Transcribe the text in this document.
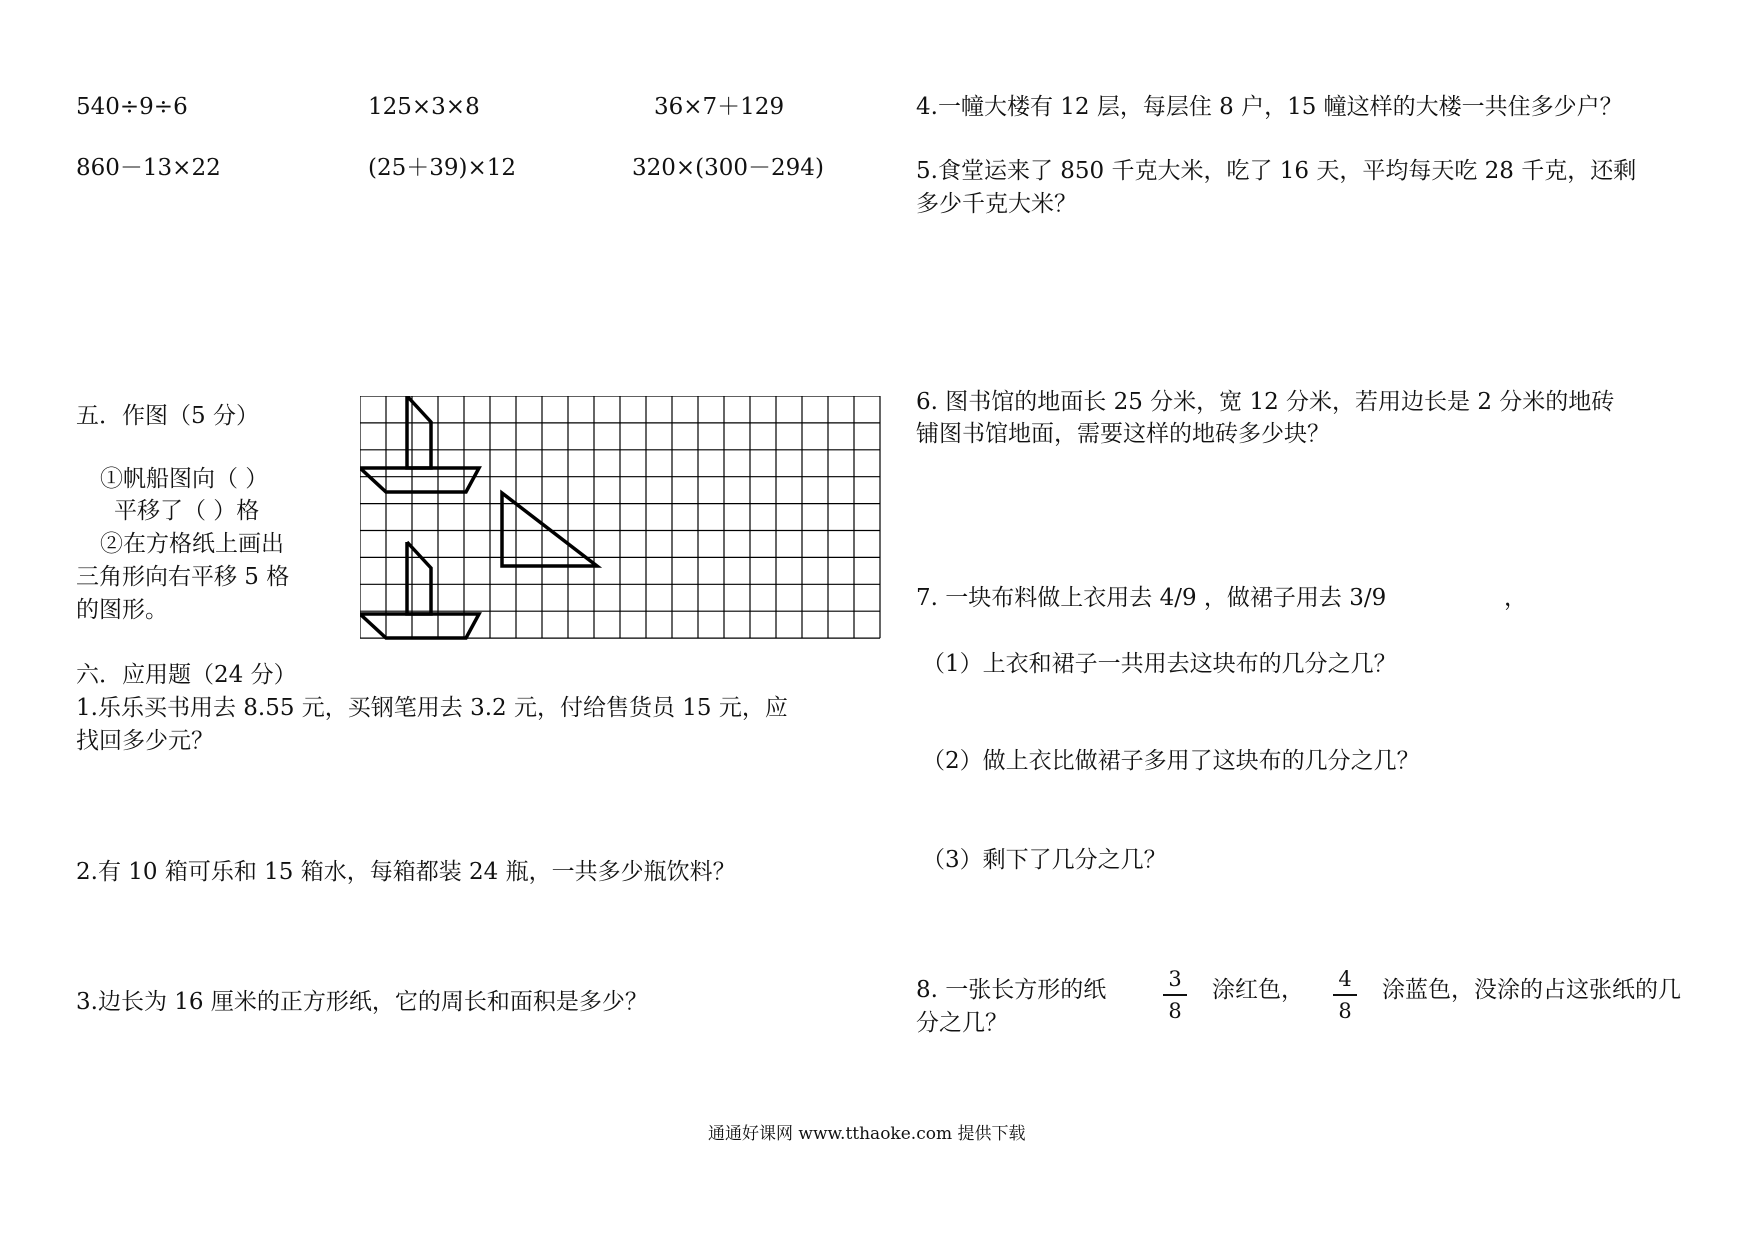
540÷9÷6	125×3×8	36×7＋129
860－13×22	(25＋39)×12	320×(300－294)
五．作图（5 分）
①帆船图向（ ）
平移了（ ）格
②在方格纸上画出
三角形向右平移 5 格
的图形。
六．应用题（24 分）
1.乐乐买书用去 8.55 元，买钢笔用去 3.2 元，付给售货员 15 元，应
找回多少元？
2.有 10 箱可乐和 15 箱水，每箱都装 24 瓶，一共多少瓶饮料？
3.边长为 16 厘米的正方形纸，它的周长和面积是多少？
4.一幢大楼有 12 层，每层住 8 户，15 幢这样的大楼一共住多少户？
5.食堂运来了 850 千克大米，吃了 16 天，平均每天吃 28 千克，还剩
多少千克大米？
6. 图书馆的地面长 25 分米，宽 12 分米，若用边长是 2 分米的地砖
铺图书馆地面，需要这样的地砖多少块？
7. 一块布料做上衣用去 4/9 ，做裙子用去 3/9	，
（1）上衣和裙子一共用去这块布的几分之几？
（2）做上衣比做裙子多用了这块布的几分之几？
（3）剩下了几分之几？
8. 一张长方形的纸	3
8
涂红色，	4
8
涂蓝色，没涂的占这张纸的几
分之几？
通通好课网 www.tthaoke.com 提供下载
